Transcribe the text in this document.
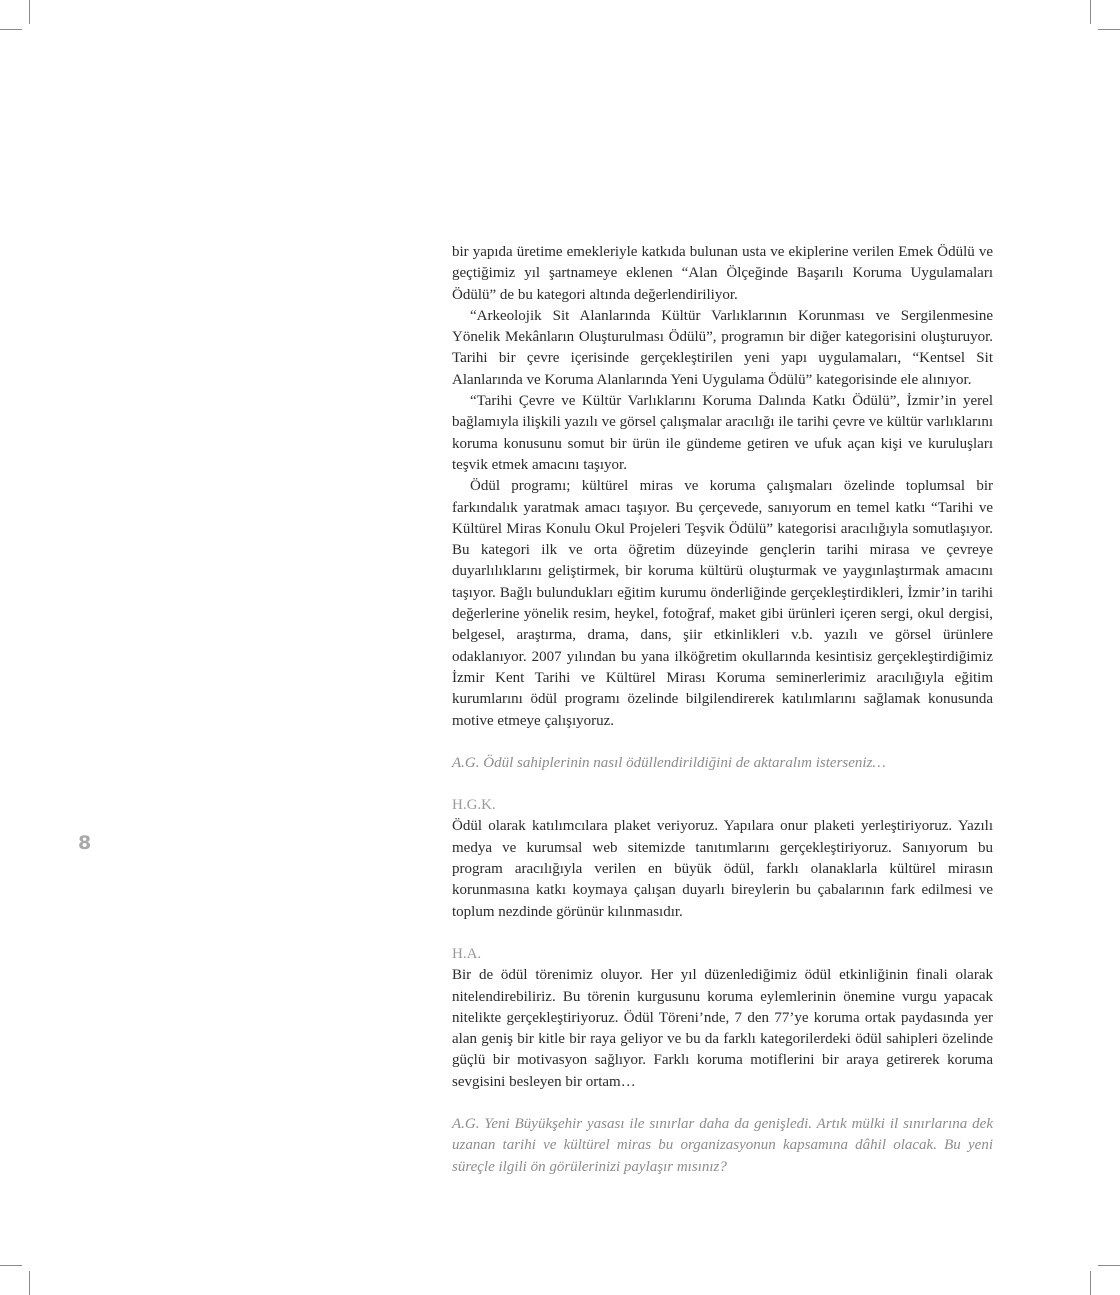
8

bir yapıda üretime emekleriyle katkıda bulunan usta ve ekiplerine verilen Emek Ödülü ve geçtiğimiz yıl şartnameye eklenen “Alan Ölçeğinde Başarılı Koruma Uygulamaları Ödülü” de bu kategori altında değerlendiriliyor.

“Arkeolojik Sit Alanlarında Kültür Varlıklarının Korunması ve Sergilenmesine Yönelik Mekânların Oluşturulması Ödülü”, programın bir diğer kategorisini oluşturuyor. Tarihi bir çevre içerisinde gerçekleştirilen yeni yapı uygulamaları, “Kentsel Sit Alanlarında ve Koruma Alanlarında Yeni Uygulama Ödülü” kategorisinde ele alınıyor.

“Tarihi Çevre ve Kültür Varlıklarını Koruma Dalında Katkı Ödülü”, İzmir’in yerel bağlamıyla ilişkili yazılı ve görsel çalışmalar aracılığı ile tarihi çevre ve kültür varlıklarını koruma konusunu somut bir ürün ile gündeme getiren ve ufuk açan kişi ve kuruluşları teşvik etmek amacını taşıyor.

Ödül programı; kültürel miras ve koruma çalışmaları özelinde toplumsal bir farkındalık yaratmak amacı taşıyor. Bu çerçevede, sanıyorum en temel katkı “Tarihi ve Kültürel Miras Konulu Okul Projeleri Teşvik Ödülü” kategorisi aracılığıyla somutlaşıyor. Bu kategori ilk ve orta öğretim düzeyinde gençlerin tarihi mirasa ve çevreye duyarlılıklarını geliştirmek, bir koruma kültürü oluşturmak ve yaygınlaştırmak amacını taşıyor. Bağlı bulundukları eğitim kurumu önderliğinde gerçekleştirdikleri, İzmir’in tarihi değerlerine yönelik resim, heykel, fotoğraf, maket gibi ürünleri içeren sergi, okul dergisi, belgesel, araştırma, drama, dans, şiir etkinlikleri v.b. yazılı ve görsel ürünlere odaklanıyor. 2007 yılından bu yana ilköğretim okullarında kesintisiz gerçekleştirdiğimiz İzmir Kent Tarihi ve Kültürel Mirası Koruma seminerlerimiz aracılığıyla eğitim kurumlarını ödül programı özelinde bilgilendirerek katılımlarını sağlamak konusunda motive etmeye çalışıyoruz.

A.G. Ödül sahiplerinin nasıl ödüllendirildiğini de aktaralım isterseniz…

H.G.K.

Ödül olarak katılımcılara plaket veriyoruz. Yapılara onur plaketi yerleştiriyoruz. Yazılı medya ve kurumsal web sitemizde tanıtımlarını gerçekleştiriyoruz. Sanıyorum bu program aracılığıyla verilen en büyük ödül, farklı olanaklarla kültürel mirasın korunmasına katkı koymaya çalışan duyarlı bireylerin bu çabalarının fark edilmesi ve toplum nezdinde görünür kılınmasıdır.

H.A.

Bir de ödül törenimiz oluyor. Her yıl düzenlediğimiz ödül etkinliğinin finali olarak nitelendirebiliriz. Bu törenin kurgusunu koruma eylemlerinin önemine vurgu yapacak nitelikte gerçekleştiriyoruz. Ödül Töreni’nde, 7 den 77’ye koruma ortak paydasında yer alan geniş bir kitle bir raya geliyor ve bu da farklı kategorilerdeki ödül sahipleri özelinde güçlü bir motivasyon sağlıyor. Farklı koruma motiflerini bir araya getirerek koruma sevgisini besleyen bir ortam…

A.G. Yeni Büyükşehir yasası ile sınırlar daha da genişledi. Artık mülki il sınırlarına dek uzanan tarihi ve kültürel miras bu organizasyonun kapsamına dâhil olacak. Bu yeni süreçle ilgili ön görülerinizi paylaşır mısınız?
